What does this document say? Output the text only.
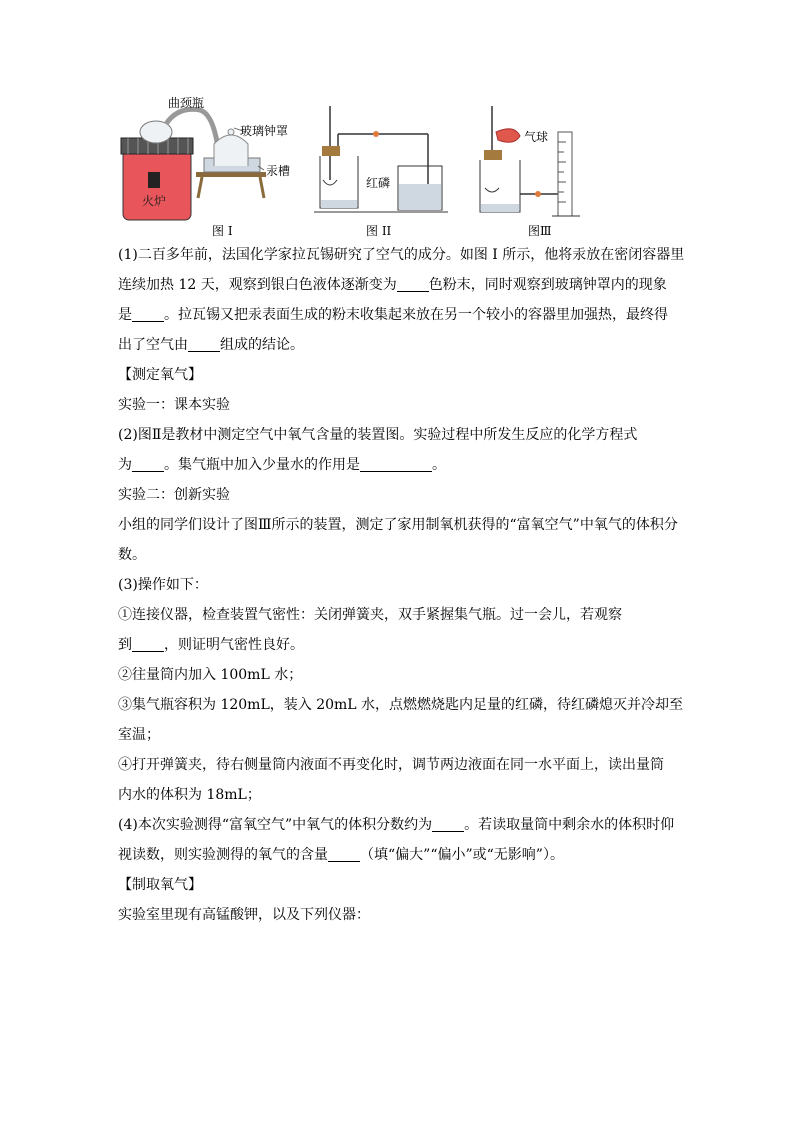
曲颈瓶
玻璃钟罩
汞槽
火炉
图 I
红磷
图 II
气球
图Ⅲ

(1)二百多年前，法国化学家拉瓦锡研究了空气的成分。如图 I 所示，他将汞放在密闭容器里

连续加热 12 天，观察到银白色液体逐渐变为 色粉末，同时观察到玻璃钟罩内的现象

是 。拉瓦锡又把汞表面生成的粉末收集起来放在另一个较小的容器里加强热，最终得

出了空气由 组成的结论。

【测定氧气】

实验一：课本实验

(2)图Ⅱ是教材中测定空气中氧气含量的装置图。实验过程中所发生反应的化学方程式

为 。集气瓶中加入少量水的作用是	。

实验二：创新实验

小组的同学们设计了图Ⅲ所示的装置，测定了家用制氧机获得的“富氧空气”中氧气的体积分

数。

(3)操作如下：

①连接仪器，检查装置气密性：关闭弹簧夹，双手紧握集气瓶。过一会儿，若观察

到 ，则证明气密性良好。

②往量筒内加入 100mL 水；

③集气瓶容积为 120mL，装入 20mL 水，点燃燃烧匙内足量的红磷，待红磷熄灭并冷却至

室温；

④打开弹簧夹，待右侧量筒内液面不再变化时，调节两边液面在同一水平面上，读出量筒

内水的体积为 18mL；

(4)本次实验测得“富氧空气”中氧气的体积分数约为 。若读取量筒中剩余水的体积时仰

视读数，则实验测得的氧气的含量 （填“偏大”“偏小”或“无影响”）。

【制取氧气】

实验室里现有高锰酸钾，以及下列仪器：
